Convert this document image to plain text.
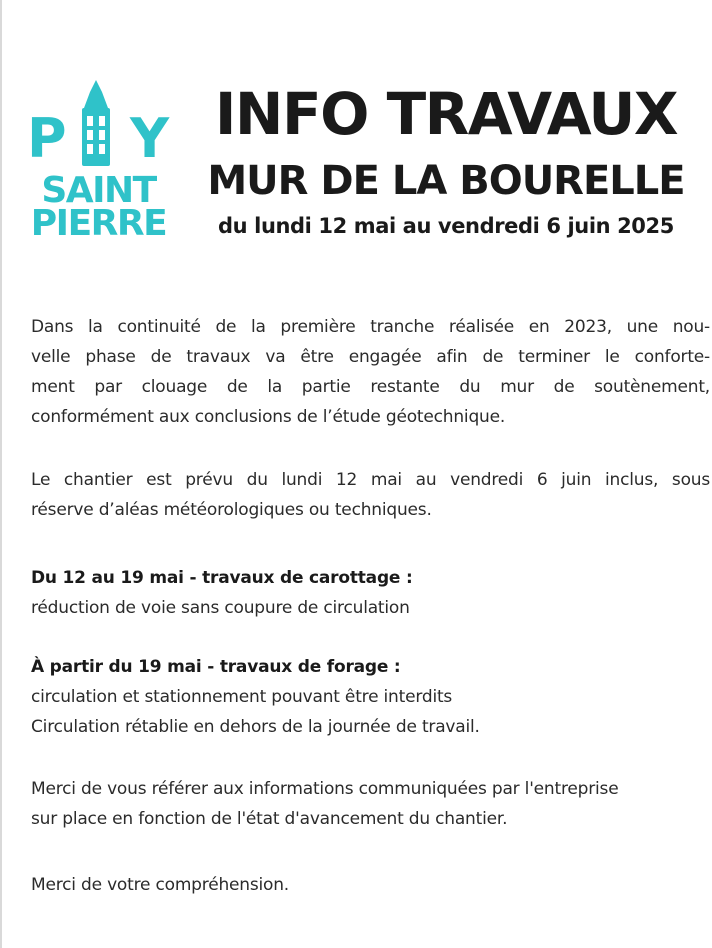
P	Y
SAINT
PIERRE
INFO TRAVAUX
MUR DE LA BOURELLE
du lundi 12 mai au vendredi 6 juin 2025
Dans la continuité de la première tranche réalisée en 2023, une nou-
velle phase de travaux va être engagée afin de terminer le conforte-
ment par clouage de la partie restante du mur de soutènement,
conformément aux conclusions de l’étude géotechnique.
Le chantier est prévu du lundi 12 mai au vendredi 6 juin inclus, sous
réserve d’aléas météorologiques ou techniques.
Du 12 au 19 mai - travaux de carottage :
réduction de voie sans coupure de circulation
À partir du 19 mai - travaux de forage :
circulation et stationnement pouvant être interdits
Circulation rétablie en dehors de la journée de travail.
Merci de vous référer aux informations communiquées par l'entreprise
sur place en fonction de l'état d'avancement du chantier.
Merci de votre compréhension.
